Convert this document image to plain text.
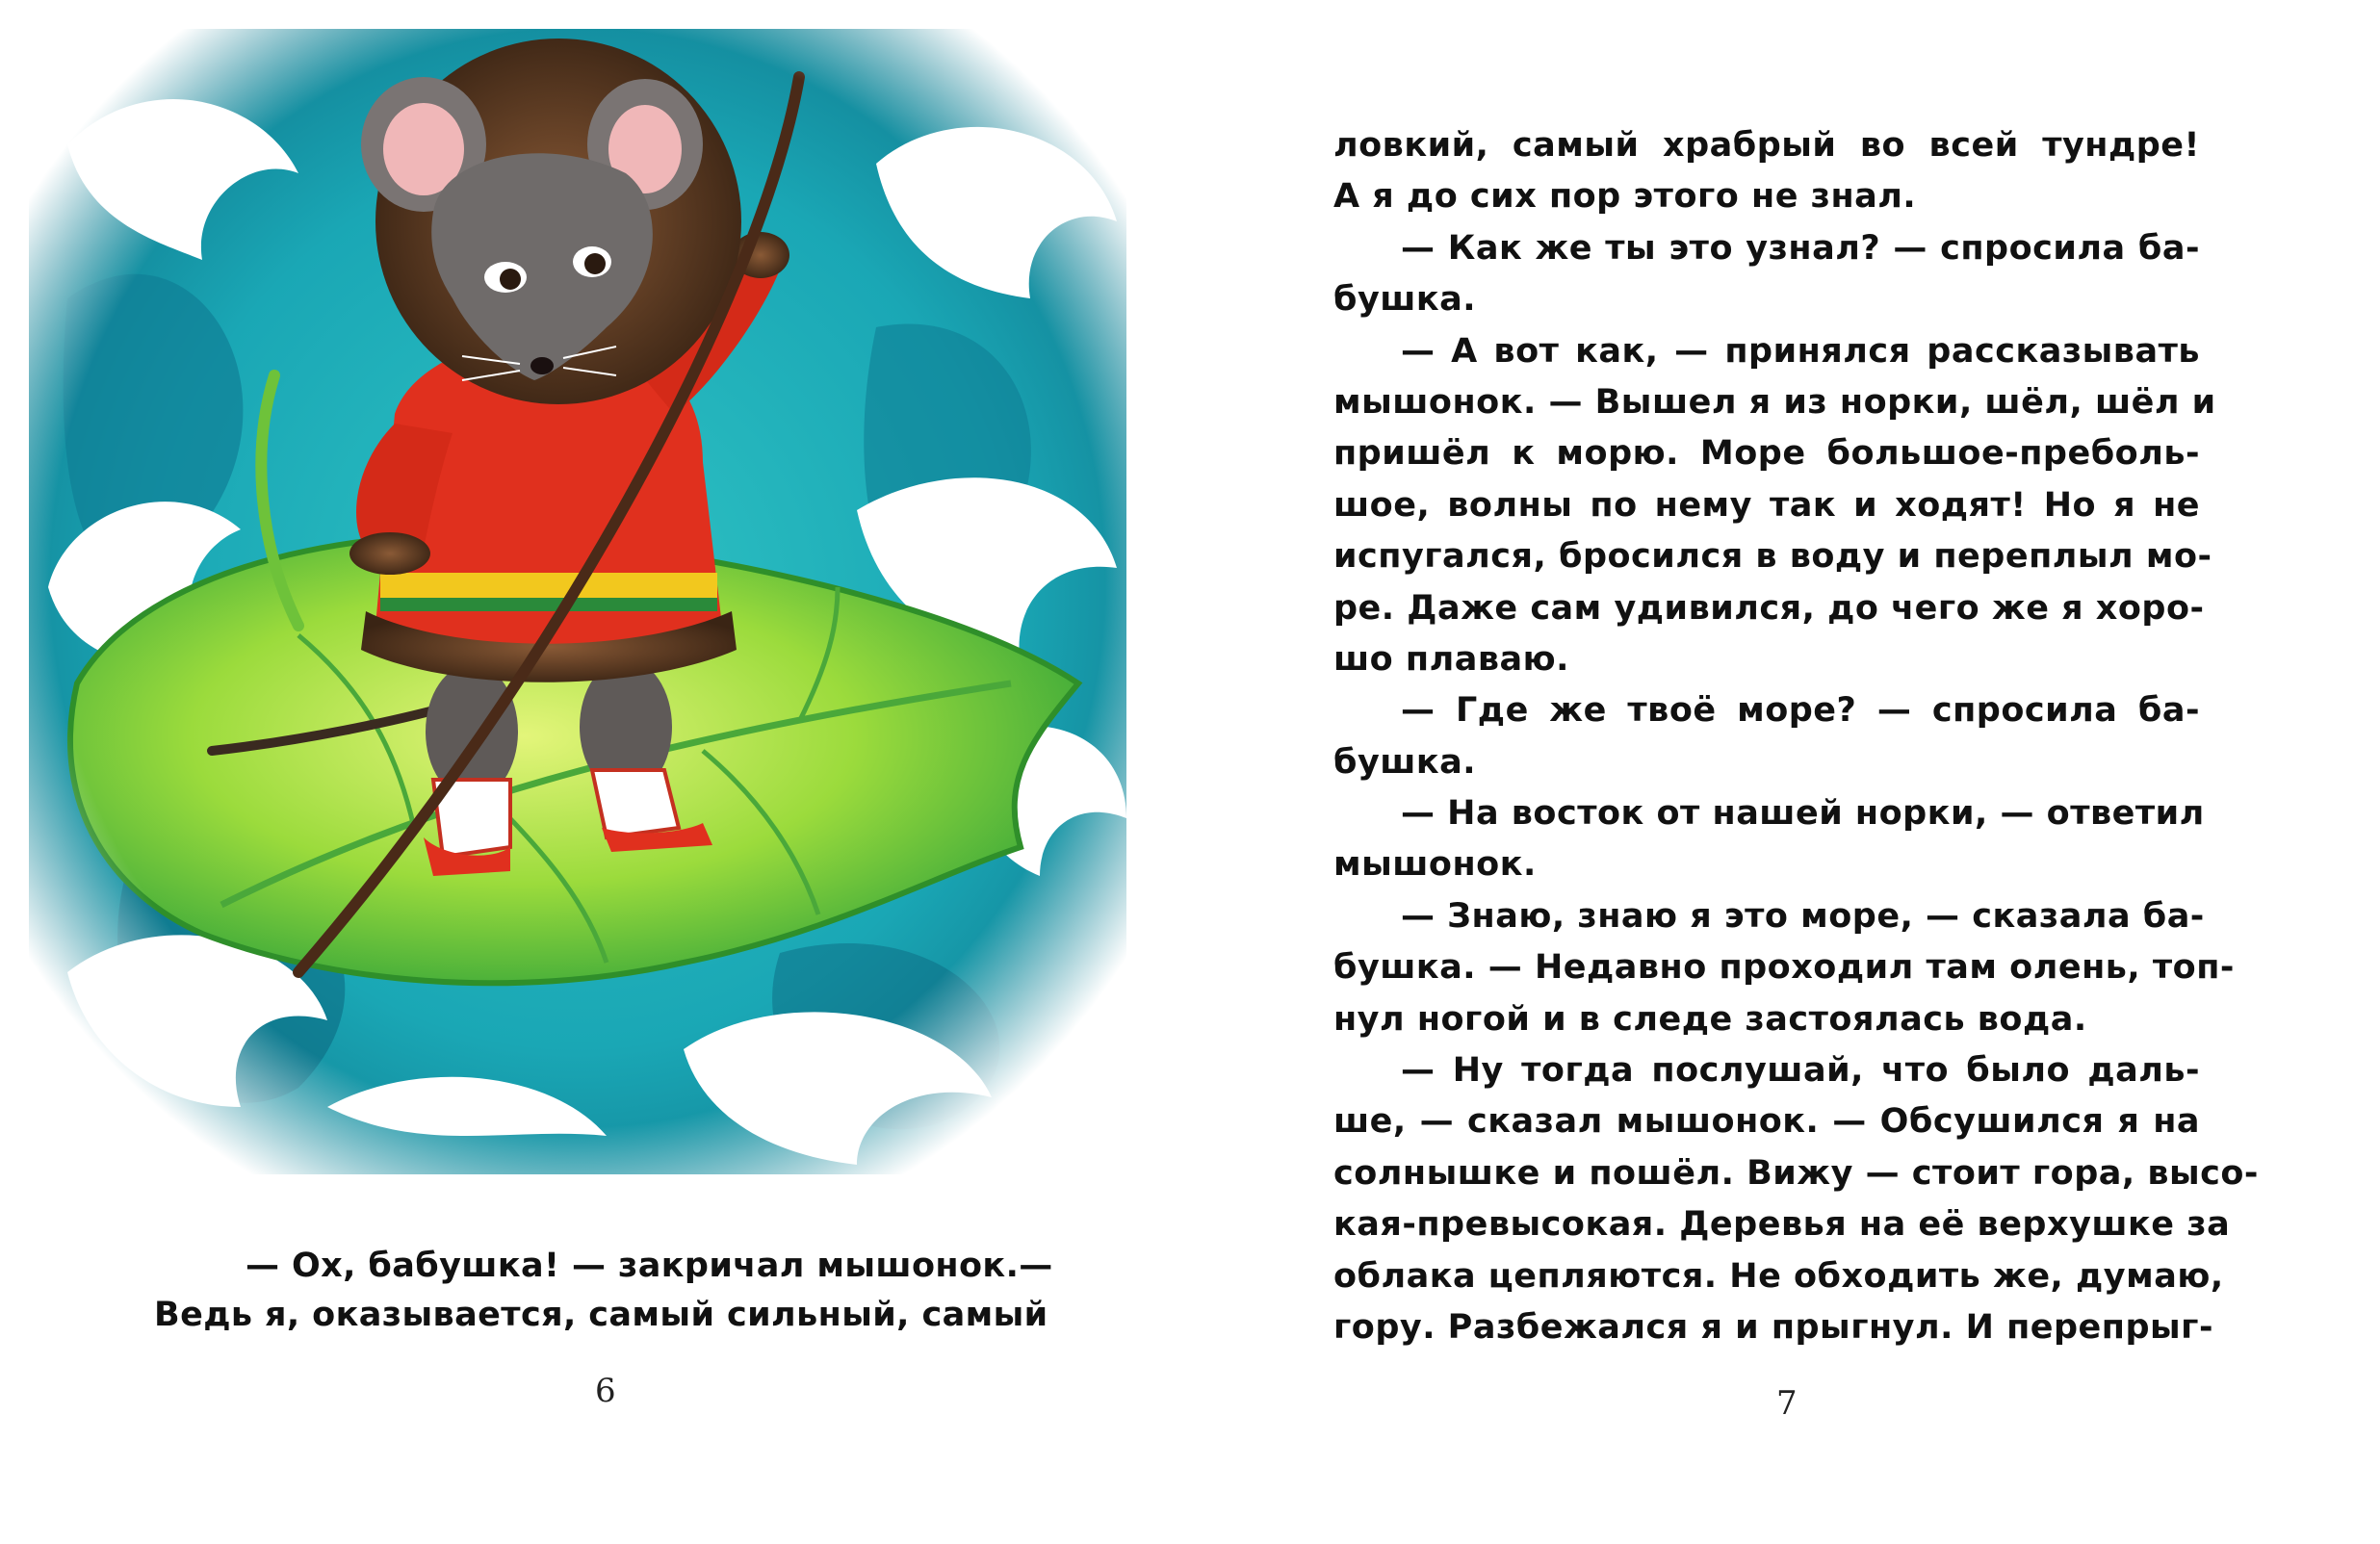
— Ох, бабушка! — закричал мышонок.—
Ведь я, оказывается, самый сильный, самый
6
ловкий, самый храбрый во всей тундре!
А я до сих пор этого не знал.
— Как же ты это узнал? — спросила ба-
бушка.
— А вот как, — принялся рассказывать
мышонок. — Вышел я из норки, шёл, шёл и
пришёл к морю. Море большое-преболь-
шое, волны по нему так и ходят! Но я не
испугался, бросился в воду и переплыл мо-
ре. Даже сам удивился, до чего же я хоро-
шо плаваю.
— Где же твоё море? — спросила ба-
бушка.
— На восток от нашей норки, — ответил
мышонок.
— Знаю, знаю я это море, — сказала ба-
бушка. — Недавно проходил там олень, топ-
нул ногой и в следе застоялась вода.
— Ну тогда послушай, что было даль-
ше, — сказал мышонок. — Обсушился я на
солнышке и пошёл. Вижу — стоит гора, высо-
кая-превысокая. Деревья на её верхушке за
облака цепляются. Не обходить же, думаю,
гору. Разбежался я и прыгнул. И перепрыг-
7
